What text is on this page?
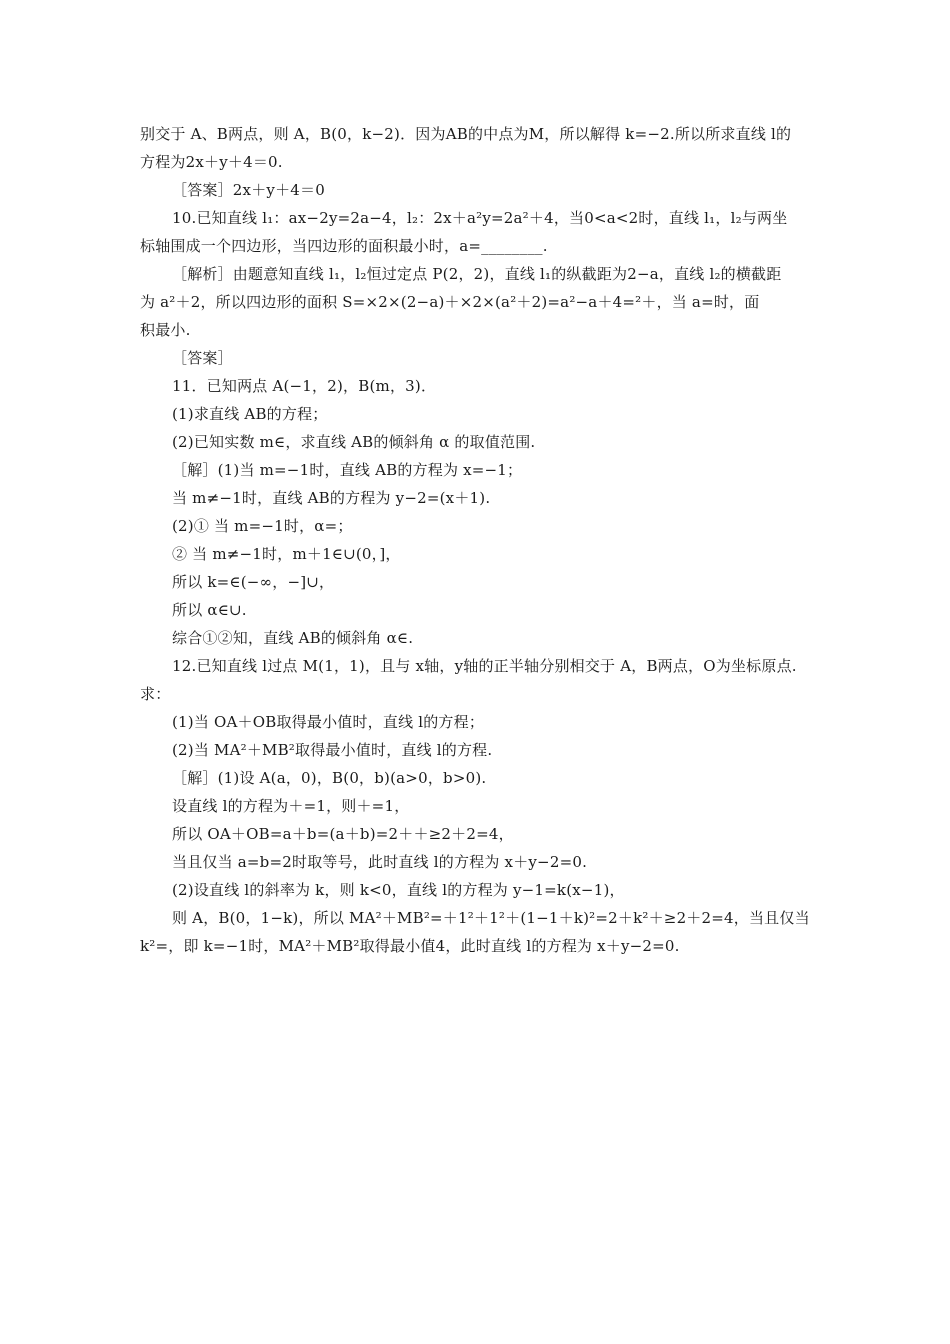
别交于 A、B两点，则 A，B(0，k−2)．因为AB的中点为M，所以解得 k=−2.所以所求直线 l的
方程为2x＋y＋4＝0.
［答案］2x＋y＋4＝0
10.已知直线 l₁：ax−2y=2a−4，l₂：2x＋a²y=2a²＋4，当0<a<2时，直线 l₁，l₂与两坐
标轴围成一个四边形，当四边形的面积最小时，a=________.
［解析］由题意知直线 l₁，l₂恒过定点 P(2，2)，直线 l₁的纵截距为2−a，直线 l₂的横截距
为 a²＋2，所以四边形的面积 S=×2×(2−a)＋×2×(a²＋2)=a²−a＋4=²＋，当 a=时，面
积最小.
［答案］
11．已知两点 A(−1，2)，B(m，3)．
(1)求直线 AB的方程；
(2)已知实数 m∈，求直线 AB的倾斜角 α 的取值范围.
［解］(1)当 m=−1时，直线 AB的方程为 x=−1；
当 m≠−1时，直线 AB的方程为 y−2=(x＋1).
(2)① 当 m=−1时，α=；
② 当 m≠−1时，m＋1∈∪(0，]，
所以 k=∈(−∞，−]∪，
所以 α∈∪.
综合①②知，直线 AB的倾斜角 α∈.
12.已知直线 l过点 M(1，1)，且与 x轴，y轴的正半轴分别相交于 A，B两点，O为坐标原点.
求：
(1)当 OA＋OB取得最小值时，直线 l的方程；
(2)当 MA²＋MB²取得最小值时，直线 l的方程.
［解］(1)设 A(a，0)，B(0，b)(a>0，b>0).
设直线 l的方程为＋=1，则＋=1，
所以 OA＋OB=a＋b=(a＋b)=2＋＋≥2＋2=4，
当且仅当 a=b=2时取等号，此时直线 l的方程为 x＋y−2=0.
(2)设直线 l的斜率为 k，则 k<0，直线 l的方程为 y−1=k(x−1)，
则 A，B(0，1−k)，所以 MA²＋MB²=＋1²＋1²＋(1−1＋k)²=2＋k²＋≥2＋2=4，当且仅当
k²=，即 k=−1时，MA²＋MB²取得最小值4，此时直线 l的方程为 x＋y−2=0.
